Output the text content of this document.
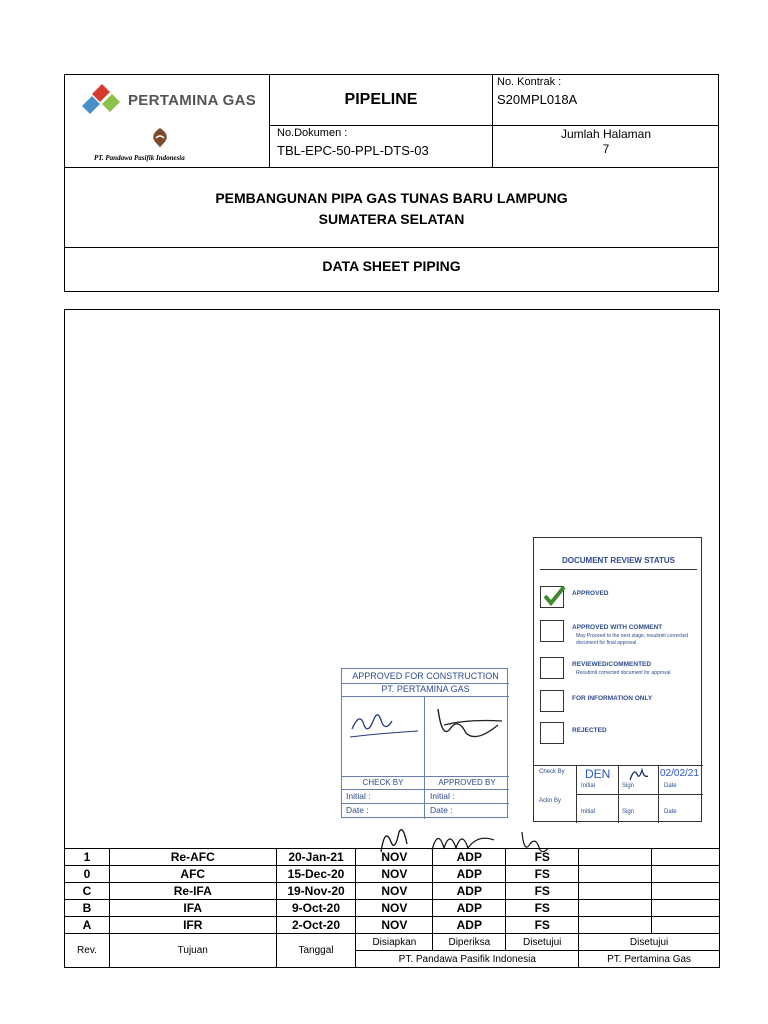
PERTAMINA GAS
PT. Pandawa Pasifik Indonesia
PIPELINE
No. Kontrak :
S20MPL018A
No.Dokumen :
TBL-EPC-50-PPL-DTS-03
Jumlah Halaman
7
PEMBANGUNAN PIPA GAS TUNAS BARU LAMPUNG
SUMATERA SELATAN
DATA SHEET PIPING
DOCUMENT REVIEW STATUS
APPROVED
APPROVED WITH COMMENT
May Proceed to the next stage, resubmit corrected document for final approval
REVIEWED/COMMENTED
Resubmit corrected document for approval
FOR INFORMATION ONLY
REJECTED
Check By DEN	02/02/21
Initial	Sign	Date
Ackn By
Initial	Sign	Date
APPROVED FOR CONSTRUCTION
PT. PERTAMINA GAS
CHECK BY	APPROVED BY
Initial :	Initial :
Date :	Date :
1	Re-AFC	20-Jan-21	NOV	ADP	FS		
0	AFC	15-Dec-20	NOV	ADP	FS		
C	Re-IFA	19-Nov-20	NOV	ADP	FS		
B	IFA	9-Oct-20	NOV	ADP	FS		
A	IFR	2-Oct-20	NOV	ADP	FS		
Rev.	Tujuan	Tanggal	Disiapkan	Diperiksa	Disetujui	Disetujui	
			PT. Pandawa Pasifik Indonesia			PT. Pertamina Gas	
